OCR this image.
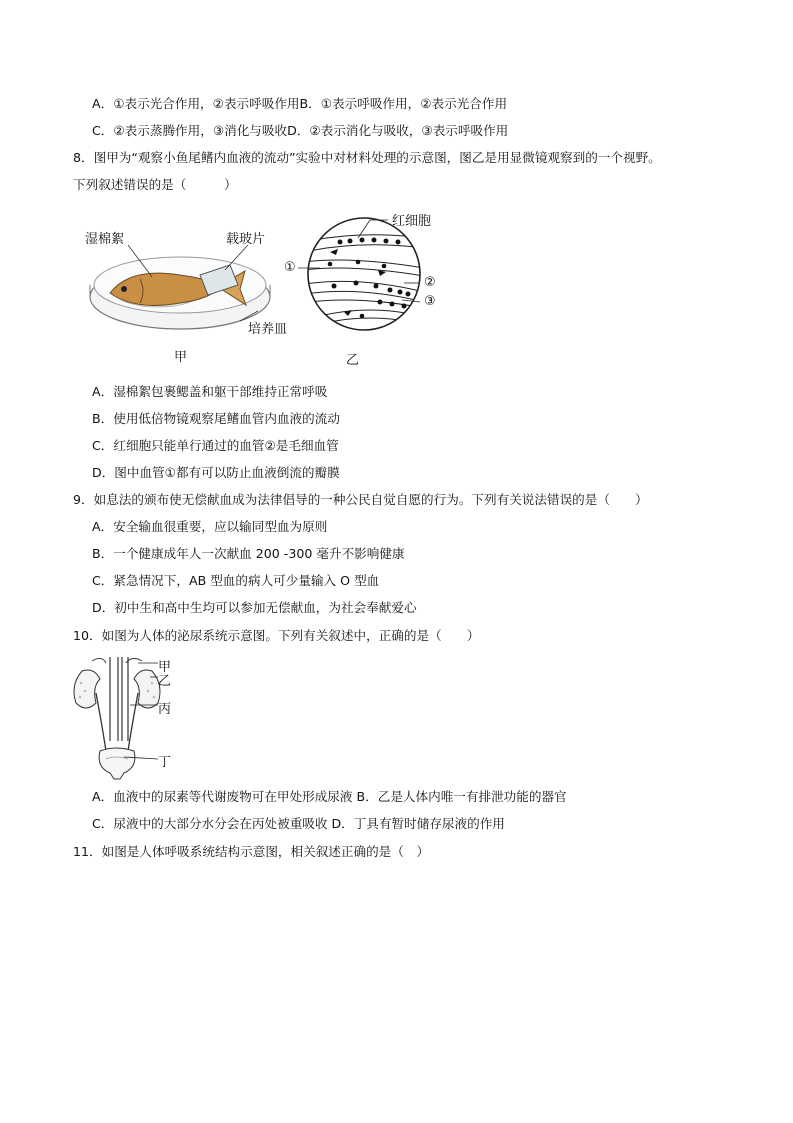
A．①表示光合作用，②表示呼吸作用B．①表示呼吸作用，②表示光合作用
C．②表示蒸腾作用，③消化与吸收D．②表示消化与吸收，③表示呼吸作用
8．图甲为“观察小鱼尾鳍内血液的流动”实验中对材料处理的示意图，图乙是用显微镜观察到的一个视野。
下列叙述错误的是（　　　）
湿棉絮	载玻片
培养皿
甲
红细胞
①
②
③
乙
A．湿棉絮包裹鳃盖和躯干部维持正常呼吸
B．使用低倍物镜观察尾鳍血管内血液的流动
C．红细胞只能单行通过的血管②是毛细血管
D．图中血管①都有可以防止血液倒流的瓣膜
9．如息法的颁布使无偿献血成为法律倡导的一种公民自觉自愿的行为。下列有关说法错误的是（　　）
A．安全输血很重要，应以输同型血为原则
B．一个健康成年人一次献血 200 -300 毫升不影响健康
C．紧急情况下，AB 型血的病人可少量输入 O 型血
D．初中生和高中生均可以参加无偿献血，为社会奉献爱心
10．如图为人体的泌尿系统示意图。下列有关叙述中，正确的是（　　）
甲
乙
丙
丁
A．血液中的尿素等代谢废物可在甲处形成尿液 B．乙是人体内唯一有排泄功能的器官
C．尿液中的大部分水分会在丙处被重吸收 D．丁具有暂时储存尿液的作用
11．如图是人体呼吸系统结构示意图，相关叙述正确的是（　）
